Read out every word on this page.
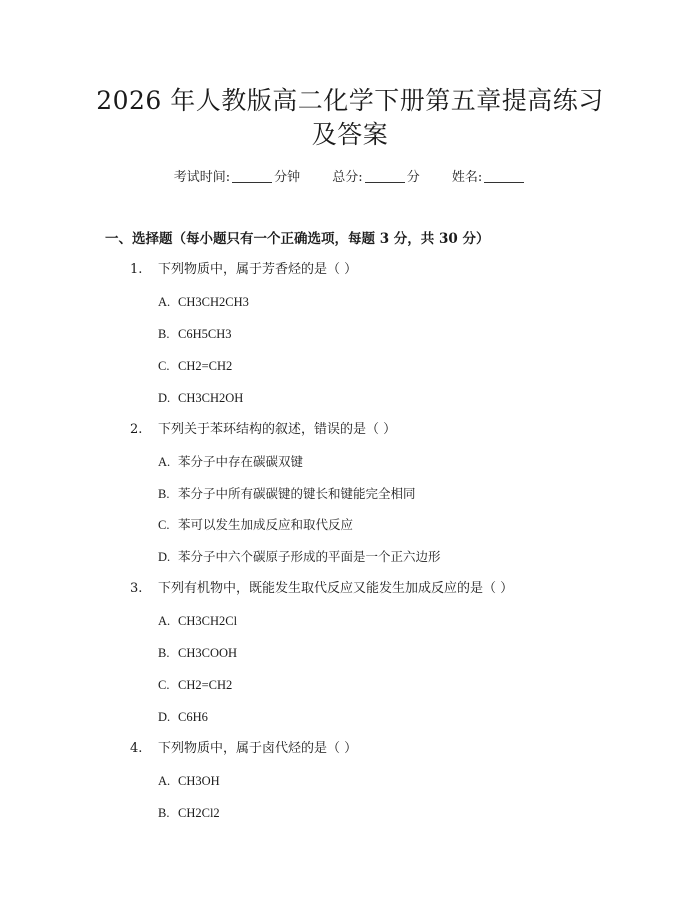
2026 年人教版高二化学下册第五章提高练习
及答案
考试时间:	分钟 总分:	分 姓名:
一、选择题（每小题只有一个正确选项，每题 3 分，共 30 分）
1. 下列物质中，属于芳香烃的是（ ）
A. CH3CH2CH3
B. C6H5CH3
C. CH2=CH2
D. CH3CH2OH
2. 下列关于苯环结构的叙述，错误的是（ ）
A. 苯分子中存在碳碳双键
B. 苯分子中所有碳碳键的键长和键能完全相同
C. 苯可以发生加成反应和取代反应
D. 苯分子中六个碳原子形成的平面是一个正六边形
3. 下列有机物中，既能发生取代反应又能发生加成反应的是（ ）
A. CH3CH2Cl
B. CH3COOH
C. CH2=CH2
D. C6H6
4. 下列物质中，属于卤代烃的是（ ）
A. CH3OH
B. CH2Cl2
